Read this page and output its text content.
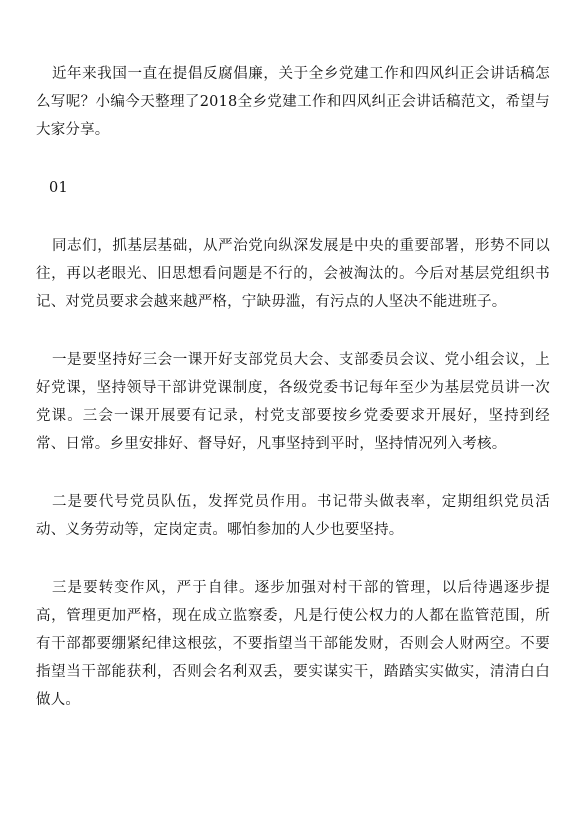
近年来我国一直在提倡反腐倡廉，关于全乡党建工作和四风纠正会讲话稿怎么写呢？小编今天整理了2018全乡党建工作和四风纠正会讲话稿范文，希望与大家分享。

01

同志们，抓基层基础，从严治党向纵深发展是中央的重要部署，形势不同以往，再以老眼光、旧思想看问题是不行的，会被淘汰的。今后对基层党组织书记、对党员要求会越来越严格，宁缺毋滥，有污点的人坚决不能进班子。

一是要坚持好三会一课开好支部党员大会、支部委员会议、党小组会议，上好党课，坚持领导干部讲党课制度，各级党委书记每年至少为基层党员讲一次党课。三会一课开展要有记录，村党支部要按乡党委要求开展好，坚持到经常、日常。乡里安排好、督导好，凡事坚持到平时，坚持情况列入考核。

二是要代号党员队伍，发挥党员作用。书记带头做表率，定期组织党员活动、义务劳动等，定岗定责。哪怕参加的人少也要坚持。

三是要转变作风，严于自律。逐步加强对村干部的管理，以后待遇逐步提高，管理更加严格，现在成立监察委，凡是行使公权力的人都在监管范围，所有干部都要绷紧纪律这根弦，不要指望当干部能发财，否则会人财两空。不要指望当干部能获利，否则会名利双丢，要实谋实干，踏踏实实做实，清清白白做人。
